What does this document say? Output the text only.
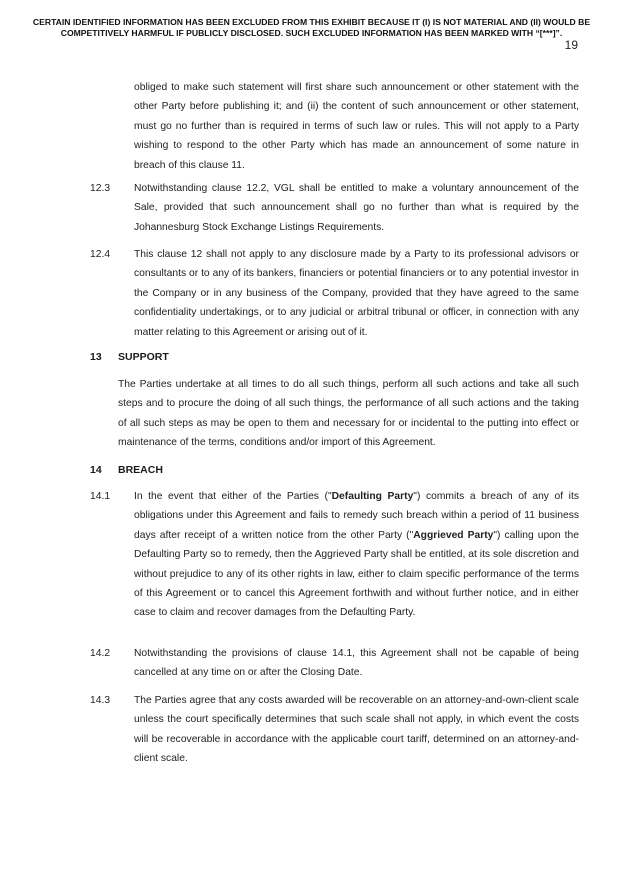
CERTAIN IDENTIFIED INFORMATION HAS BEEN EXCLUDED FROM THIS EXHIBIT BECAUSE IT (I) IS NOT MATERIAL AND (II) WOULD BE COMPETITIVELY HARMFUL IF PUBLICLY DISCLOSED. SUCH EXCLUDED INFORMATION HAS BEEN MARKED WITH “[***]”.
19
obliged to make such statement will first share such announcement or other statement with the other Party before publishing it; and (ii) the content of such announcement or other statement, must go no further than is required in terms of such law or rules. This will not apply to a Party wishing to respond to the other Party which has made an announcement of some nature in breach of this clause 11.
12.3 Notwithstanding clause 12.2, VGL shall be entitled to make a voluntary announcement of the Sale, provided that such announcement shall go no further than what is required by the Johannesburg Stock Exchange Listings Requirements.
12.4 This clause 12 shall not apply to any disclosure made by a Party to its professional advisors or consultants or to any of its bankers, financiers or potential financiers or to any potential investor in the Company or in any business of the Company, provided that they have agreed to the same confidentiality undertakings, or to any judicial or arbitral tribunal or officer, in connection with any matter relating to this Agreement or arising out of it.
13 SUPPORT
The Parties undertake at all times to do all such things, perform all such actions and take all such steps and to procure the doing of all such things, the performance of all such actions and the taking of all such steps as may be open to them and necessary for or incidental to the putting into effect or maintenance of the terms, conditions and/or import of this Agreement.
14 BREACH
14.1 In the event that either of the Parties ("Defaulting Party") commits a breach of any of its obligations under this Agreement and fails to remedy such breach within a period of 11 business days after receipt of a written notice from the other Party ("Aggrieved Party") calling upon the Defaulting Party so to remedy, then the Aggrieved Party shall be entitled, at its sole discretion and without prejudice to any of its other rights in law, either to claim specific performance of the terms of this Agreement or to cancel this Agreement forthwith and without further notice, and in either case to claim and recover damages from the Defaulting Party.
14.2 Notwithstanding the provisions of clause 14.1, this Agreement shall not be capable of being cancelled at any time on or after the Closing Date.
14.3 The Parties agree that any costs awarded will be recoverable on an attorney-and-own-client scale unless the court specifically determines that such scale shall not apply, in which event the costs will be recoverable in accordance with the applicable court tariff, determined on an attorney-and-client scale.
